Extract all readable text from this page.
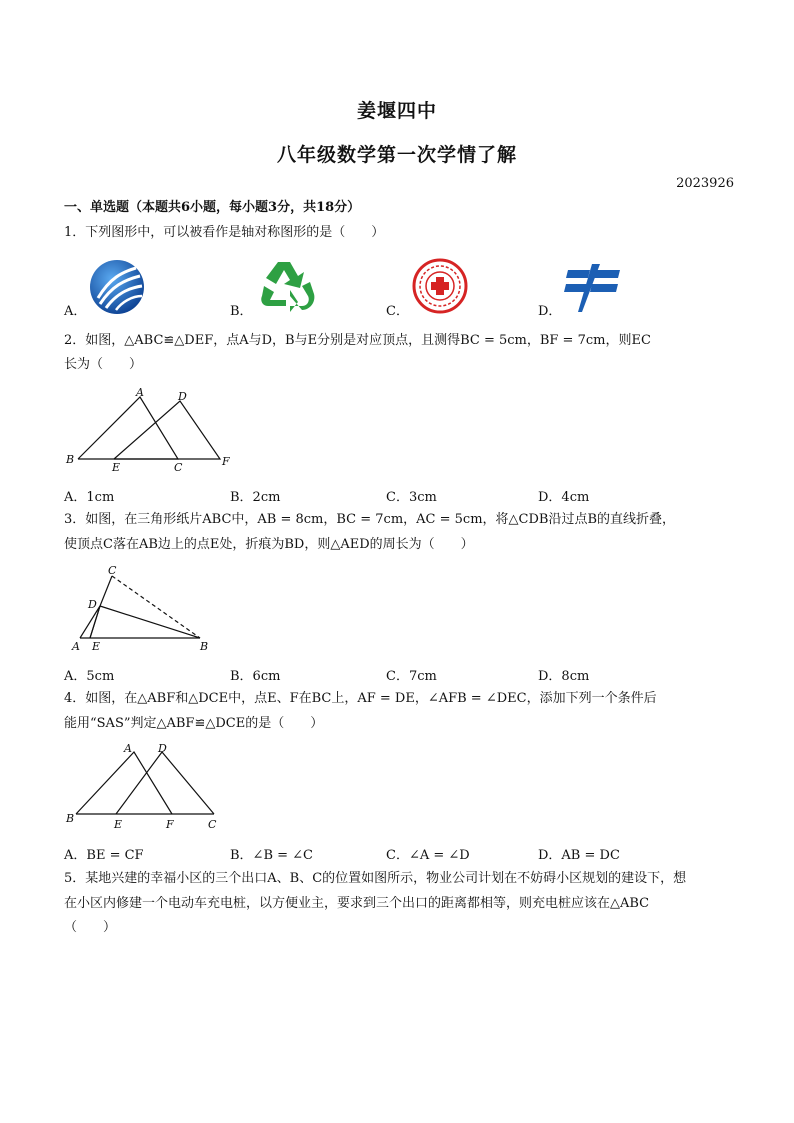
姜堰四中
八年级数学第一次学情了解
2023926
一、单选题（本题共6小题，每小题3分，共18分）
1．下列图形中，可以被看作是轴对称图形的是（　　）
A．	B．	C．	D．
2．如图，△ABC≌△DEF，点A与D，B与E分别是对应顶点，且测得BC = 5cm，BF = 7cm，则EC
长为（　　）
A	D
B
E	C	F
A．1cm	B．2cm	C．3cm	D．4cm
3．如图，在三角形纸片ABC中，AB = 8cm，BC = 7cm，AC = 5cm，将△CDB沿过点B的直线折叠，
使顶点C落在AB边上的点E处，折痕为BD，则△AED的周长为（　　）
C
D
A E	B
A．5cm	B．6cm	C．7cm	D．8cm
4．如图，在△ABF和△DCE中，点E、F在BC上，AF = DE，∠AFB = ∠DEC，添加下列一个条件后
能用“SAS”判定△ABF≌△DCE的是（　　）
A D
B	E	F	C
A．BE = CF	B．∠B = ∠C	C．∠A = ∠D	D．AB = DC
5．某地兴建的幸福小区的三个出口A、B、C的位置如图所示，物业公司计划在不妨碍小区规划的建设下，想
在小区内修建一个电动车充电桩，以方便业主，要求到三个出口的距离都相等，则充电桩应该在△ABC
（　　）
